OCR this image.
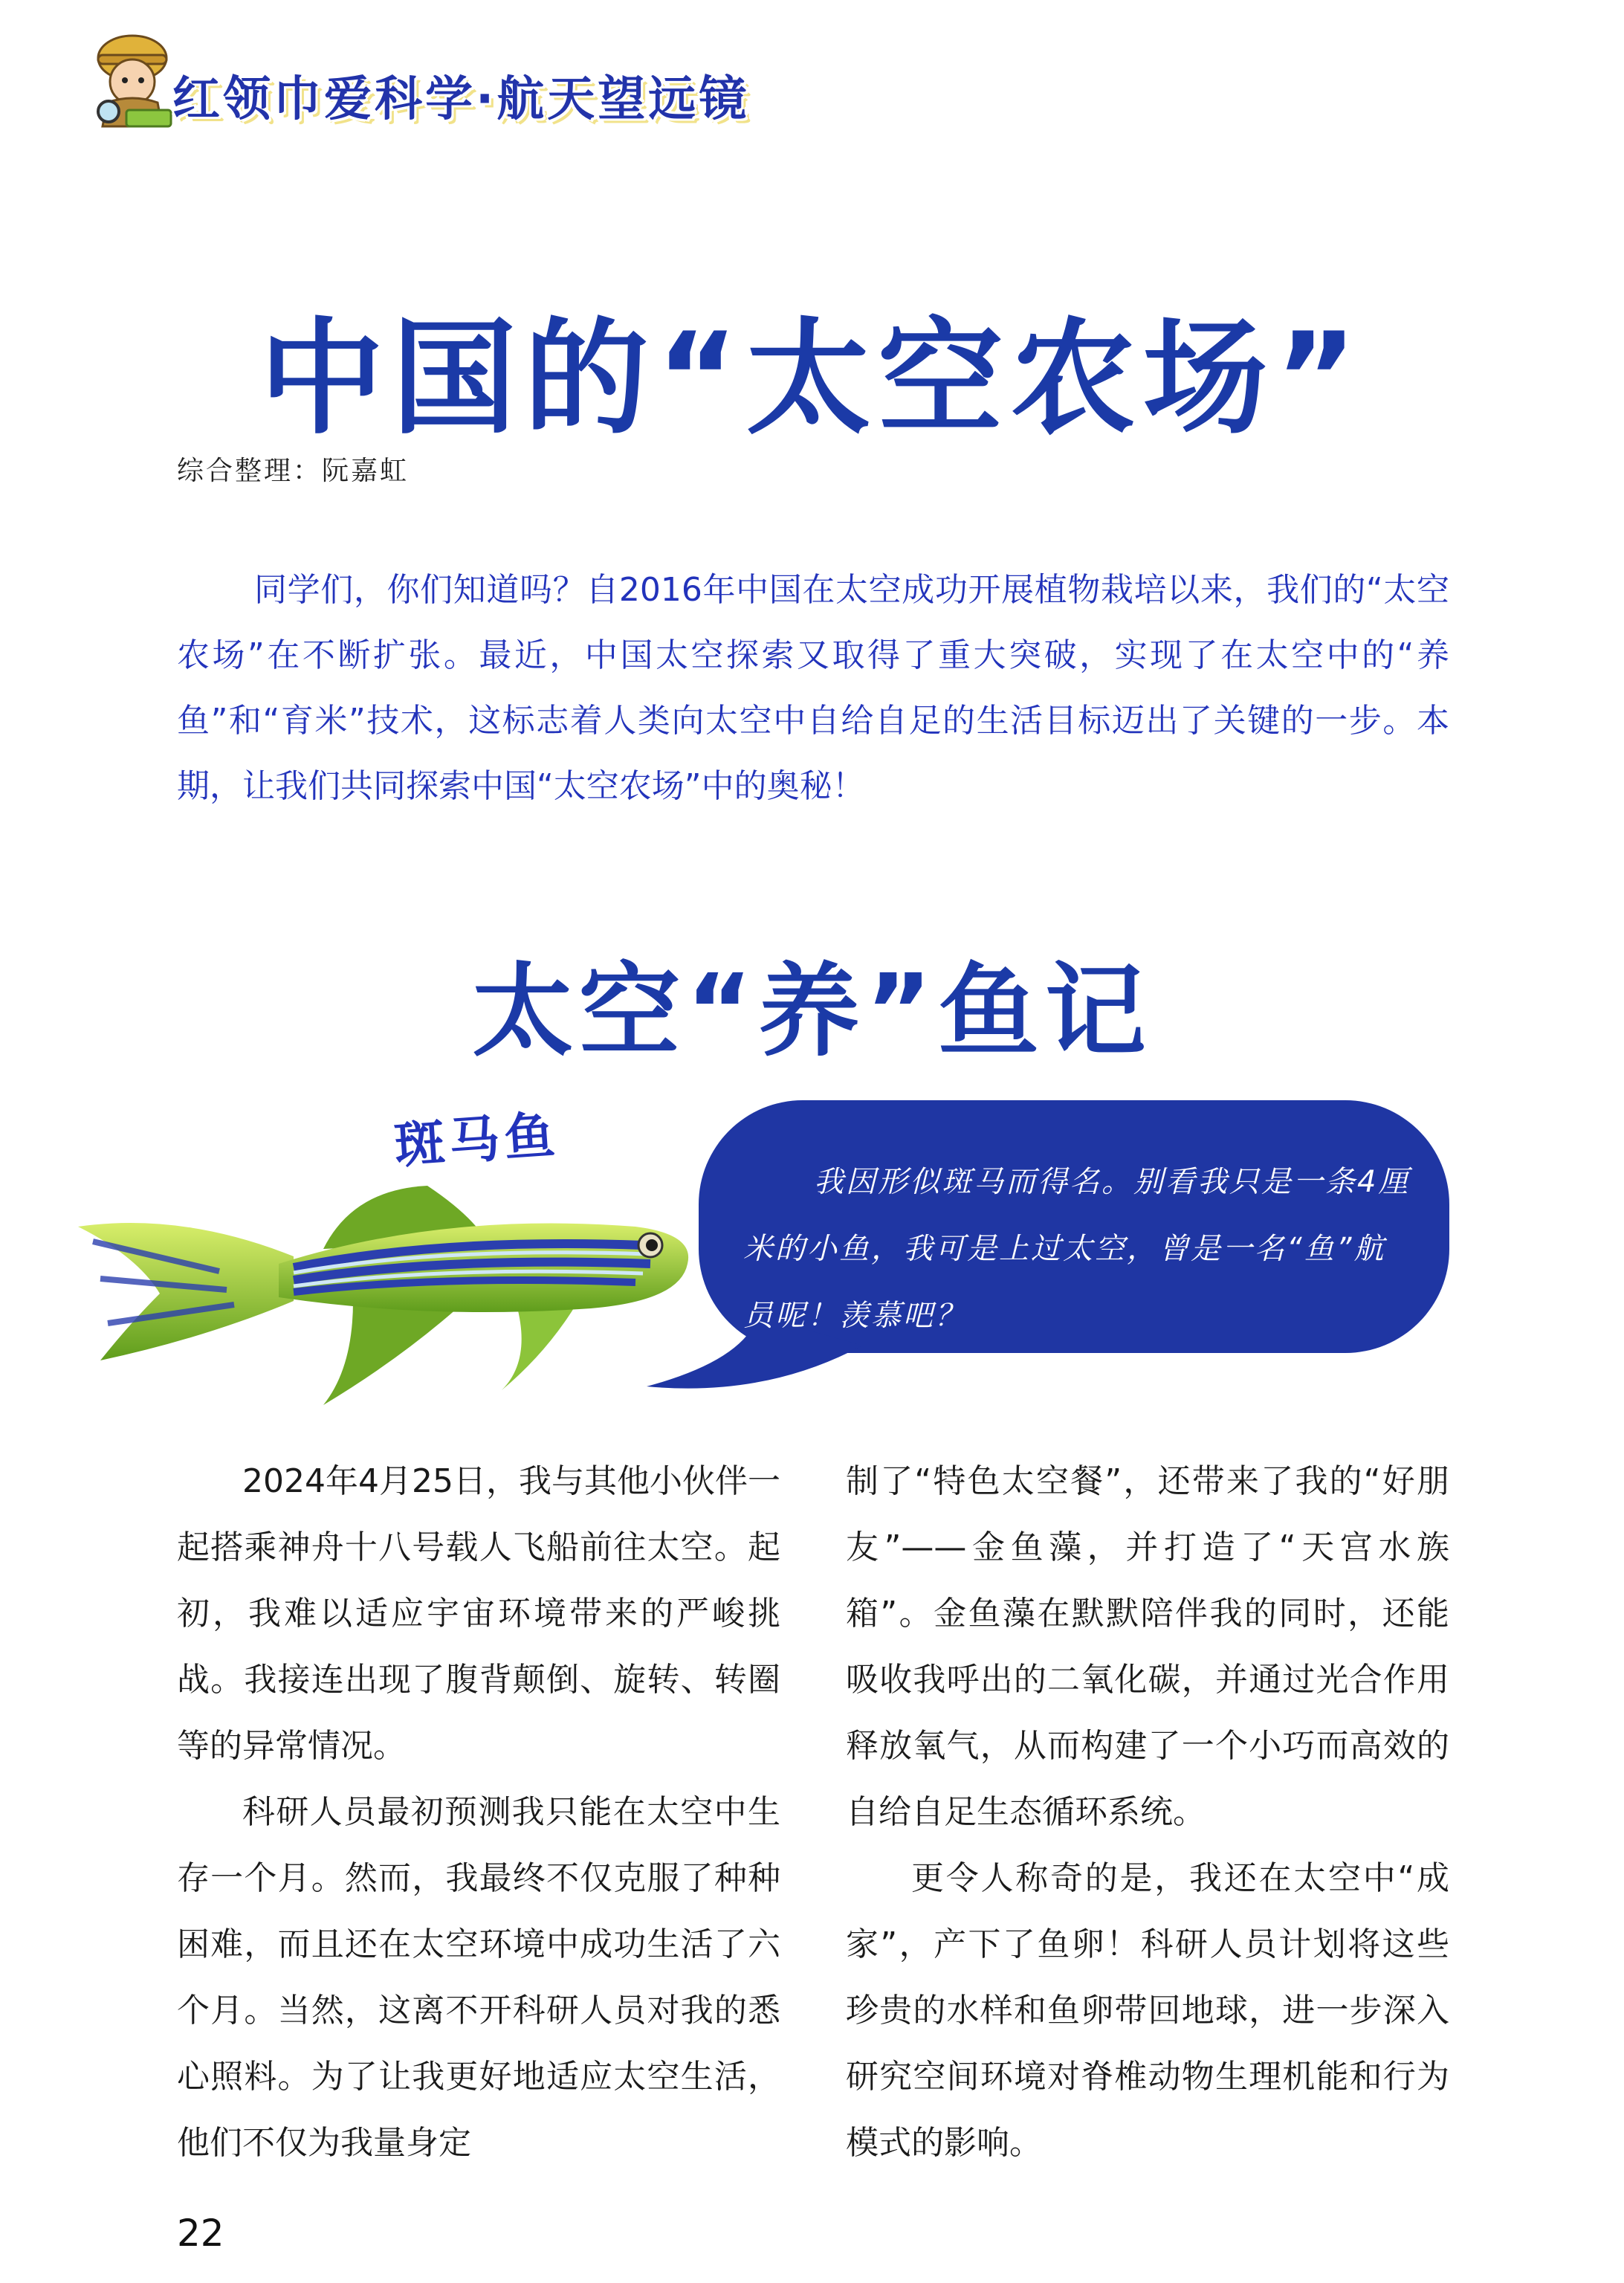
红领巾爱科学·航天望远镜
中国的“太空农场”
综合整理：阮嘉虹

同学们，你们知道吗？自2016年中国在太空成功开展植物栽培以来，我们的“太空农场”在不断扩张。最近，中国太空探索又取得了重大突破，实现了在太空中的“养鱼”和“育米”技术，这标志着人类向太空中自给自足的生活目标迈出了关键的一步。本期，让我们共同探索中国“太空农场”中的奥秘！

太空“养”鱼记
斑马鱼

我因形似斑马而得名。别看我只是一条4厘米的小鱼，我可是上过太空，曾是一名“鱼”航员呢！羡慕吧？

2024年4月25日，我与其他小伙伴一起搭乘神舟十八号载人飞船前往太空。起初，我难以适应宇宙环境带来的严峻挑战。我接连出现了腹背颠倒、旋转、转圈等的异常情况。

科研人员最初预测我只能在太空中生存一个月。然而，我最终不仅克服了种种困难，而且还在太空环境中成功生活了六个月。当然，这离不开科研人员对我的悉心照料。为了让我更好地适应太空生活，他们不仅为我量身定

制了“特色太空餐”，还带来了我的“好朋友”——金鱼藻，并打造了“天宫水族箱”。金鱼藻在默默陪伴我的同时，还能吸收我呼出的二氧化碳，并通过光合作用释放氧气，从而构建了一个小巧而高效的自给自足生态循环系统。

更令人称奇的是，我还在太空中“成家”，产下了鱼卵！科研人员计划将这些珍贵的水样和鱼卵带回地球，进一步深入研究空间环境对脊椎动物生理机能和行为模式的影响。

22
